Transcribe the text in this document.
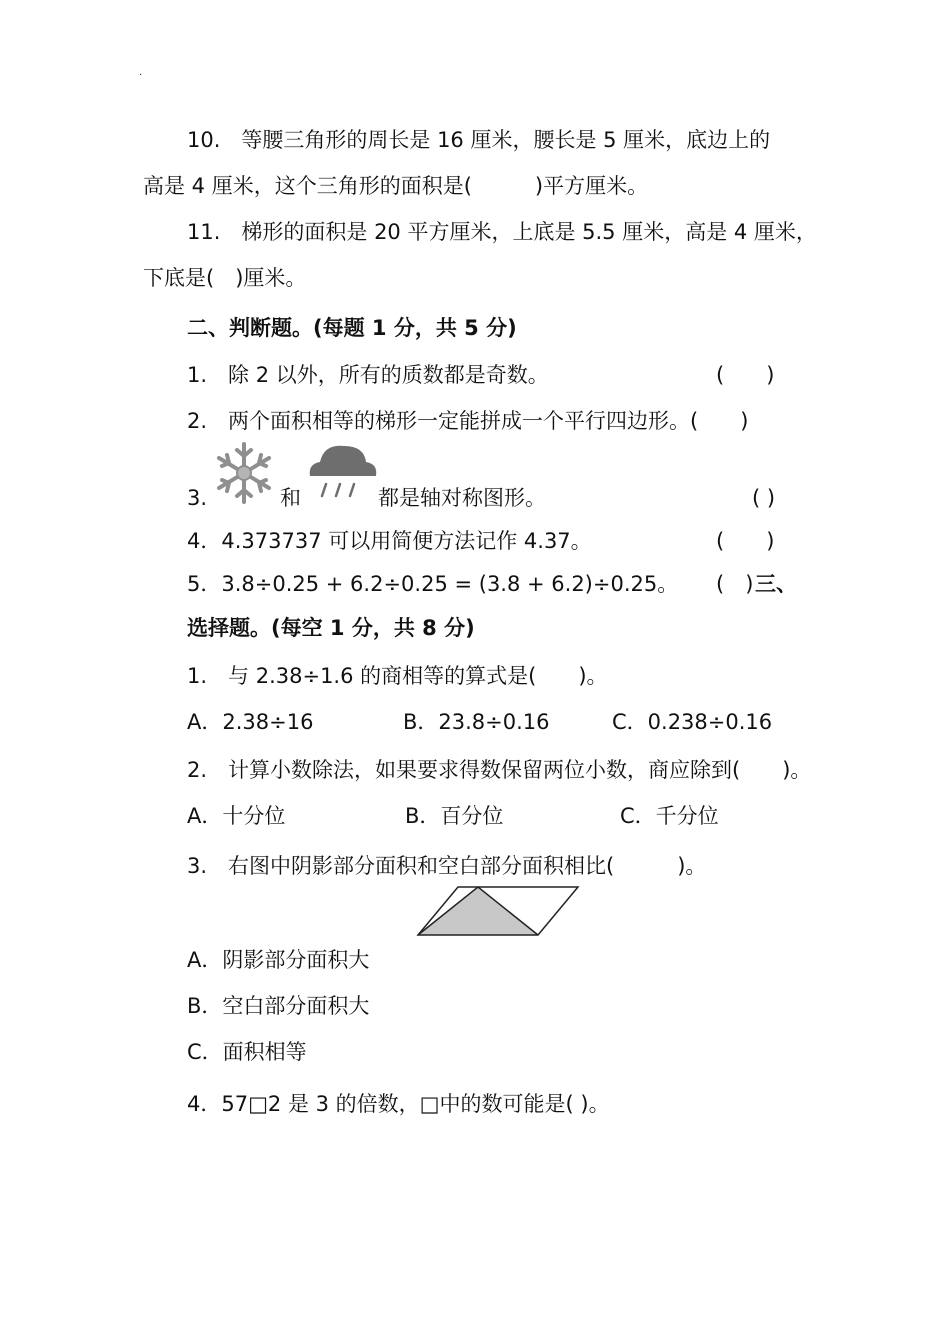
.
10.　等腰三角形的周长是 16 厘米，腰长是 5 厘米，底边上的
高是 4 厘米，这个三角形的面积是(　　　)平方厘米。
11.　梯形的面积是 20 平方厘米，上底是 5.5 厘米，高是 4 厘米，
下底是(　)厘米。
二、判断题。(每题 1 分，共 5 分)
1.　除 2 以外，所有的质数都是奇数。	(　　)
2.　两个面积相等的梯形一定能拼成一个平行四边形。(　　)
3.	和	都是轴对称图形。	( )
4．4.373737 可以用简便方法记作 4.37。	(　　)
5．3.8÷0.25 + 6.2÷0.25 = (3.8 + 6.2)÷0.25。 (　) 三、
选择题。(每空 1 分，共 8 分)
1.　与 2.38÷1.6 的商相等的算式是(　　)。
A．2.38÷16	B．23.8÷0.16	C．0.238÷0.16
2.　计算小数除法，如果要求得数保留两位小数，商应除到(　　)。
A．十分位	B．百分位	C．千分位
3.　右图中阴影部分面积和空白部分面积相比(　　　)。
A．阴影部分面积大
B．空白部分面积大
C．面积相等
4．57□2 是 3 的倍数，□中的数可能是( )。
